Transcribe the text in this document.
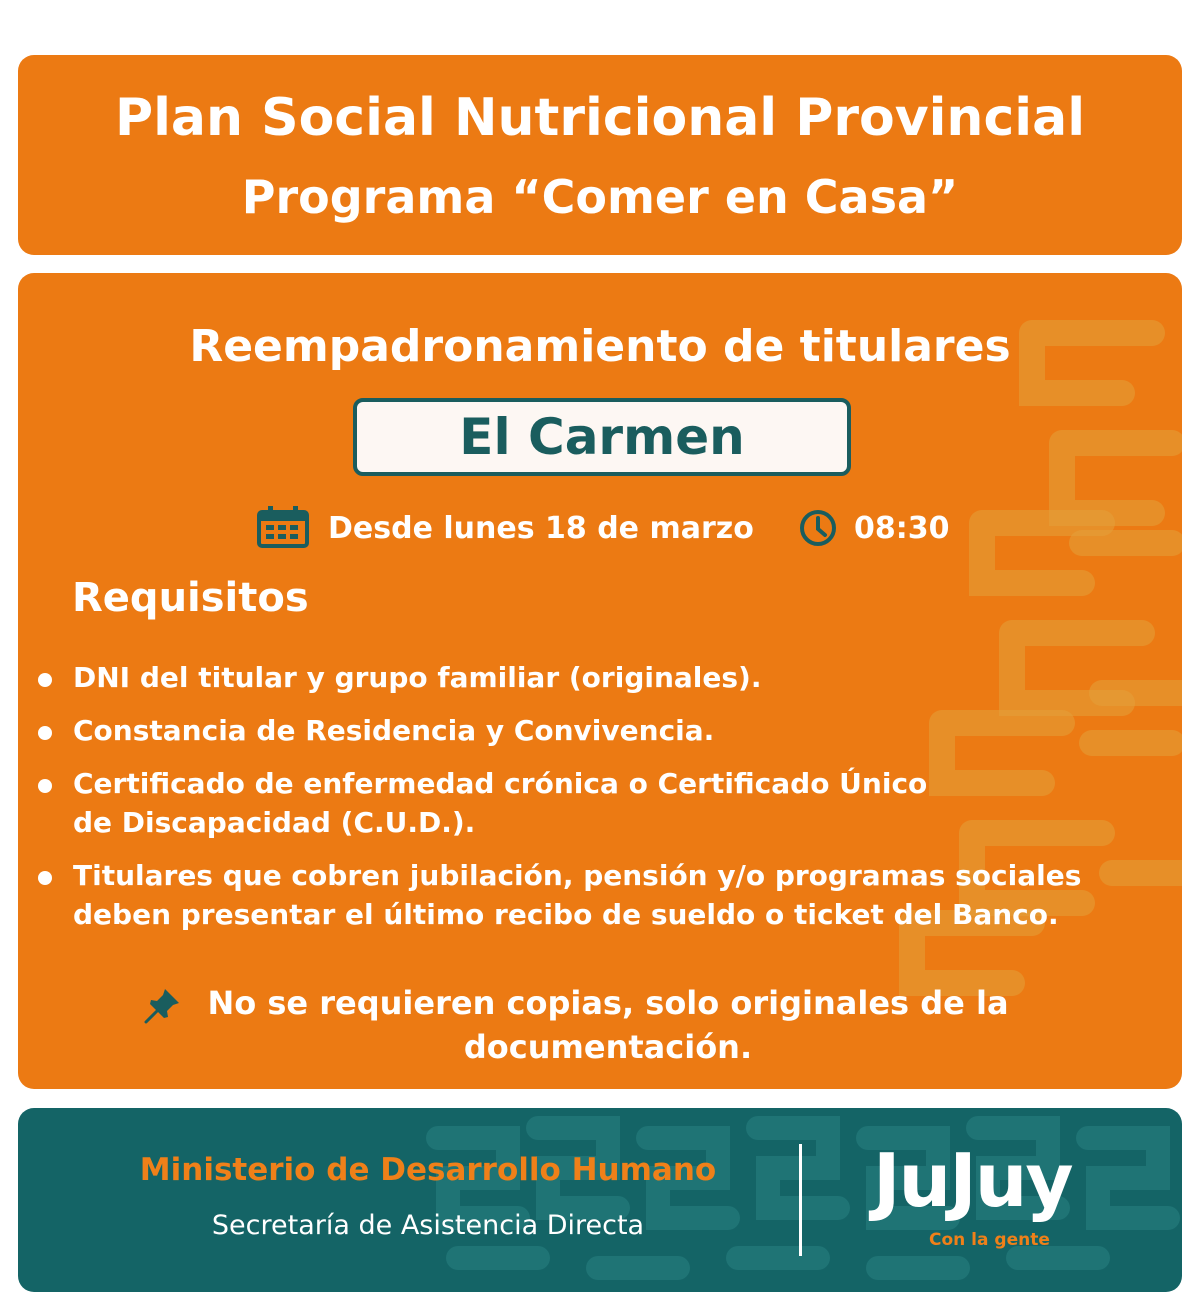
Plan Social Nutricional Provincial
Programa “Comer en Casa”
Reempadronamiento de titulares
El Carmen
Desde lunes 18 de marzo	08:30
Requisitos
DNI del titular y grupo familiar (originales).
Constancia de Residencia y Convivencia.
Certificado de enfermedad crónica o Certificado Único de Discapacidad (C.U.D.).
Titulares que cobren jubilación, pensión y/o programas sociales deben presentar el último recibo de sueldo o ticket del Banco.
No se requieren copias, solo originales de la documentación.
Ministerio de Desarrollo Humano
Secretaría de Asistencia Directa
JuJuy
Con la gente
